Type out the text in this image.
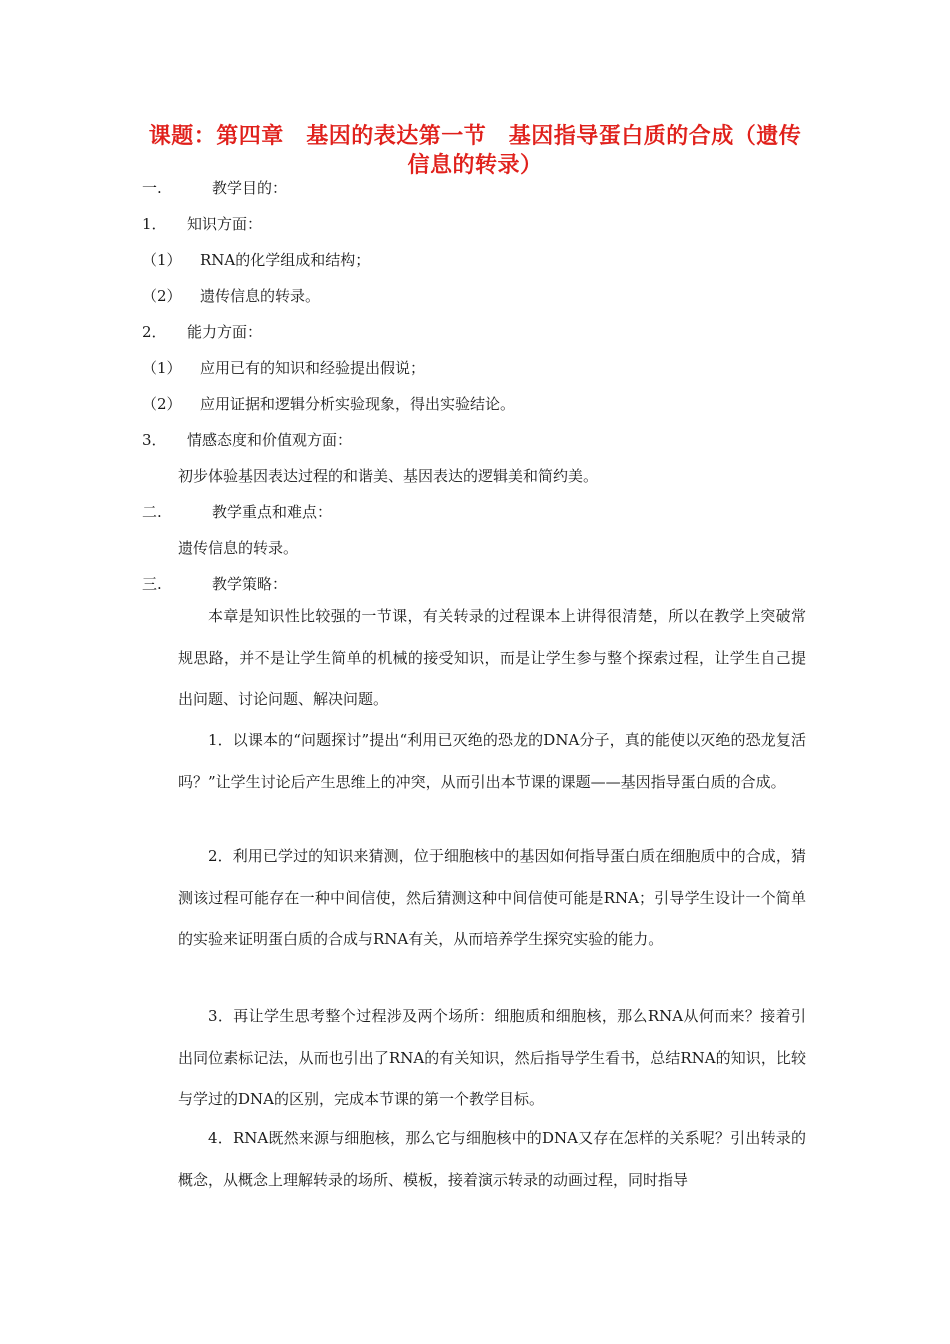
课题：第四章　基因的表达第一节　基因指导蛋白质的合成（遗传信息的转录）
一.	教学目的：
1． 知识方面：
（1） RNA的化学组成和结构；
（2） 遗传信息的转录。
2． 能力方面：
（1） 应用已有的知识和经验提出假说；
（2） 应用证据和逻辑分析实验现象，得出实验结论。
3． 情感态度和价值观方面：
初步体验基因表达过程的和谐美、基因表达的逻辑美和简约美。
二.	教学重点和难点：
遗传信息的转录。
三.	教学策略：
本章是知识性比较强的一节课，有关转录的过程课本上讲得很清楚，所以在教学上突破常规思路，并不是让学生简单的机械的接受知识，而是让学生参与整个探索过程，让学生自己提出问题、讨论问题、解决问题。
1．以课本的“问题探讨”提出“利用已灭绝的恐龙的DNA分子，真的能使以灭绝的恐龙复活吗？”让学生讨论后产生思维上的冲突，从而引出本节课的课题——基因指导蛋白质的合成。
2．利用已学过的知识来猜测，位于细胞核中的基因如何指导蛋白质在细胞质中的合成，猜测该过程可能存在一种中间信使，然后猜测这种中间信使可能是RNA；引导学生设计一个简单的实验来证明蛋白质的合成与RNA有关，从而培养学生探究实验的能力。
3．再让学生思考整个过程涉及两个场所：细胞质和细胞核，那么RNA从何而来？接着引出同位素标记法，从而也引出了RNA的有关知识，然后指导学生看书，总结RNA的知识，比较与学过的DNA的区别，完成本节课的第一个教学目标。
4．RNA既然来源与细胞核，那么它与细胞核中的DNA又存在怎样的关系呢？引出转录的概念，从概念上理解转录的场所、模板，接着演示转录的动画过程，同时指导
